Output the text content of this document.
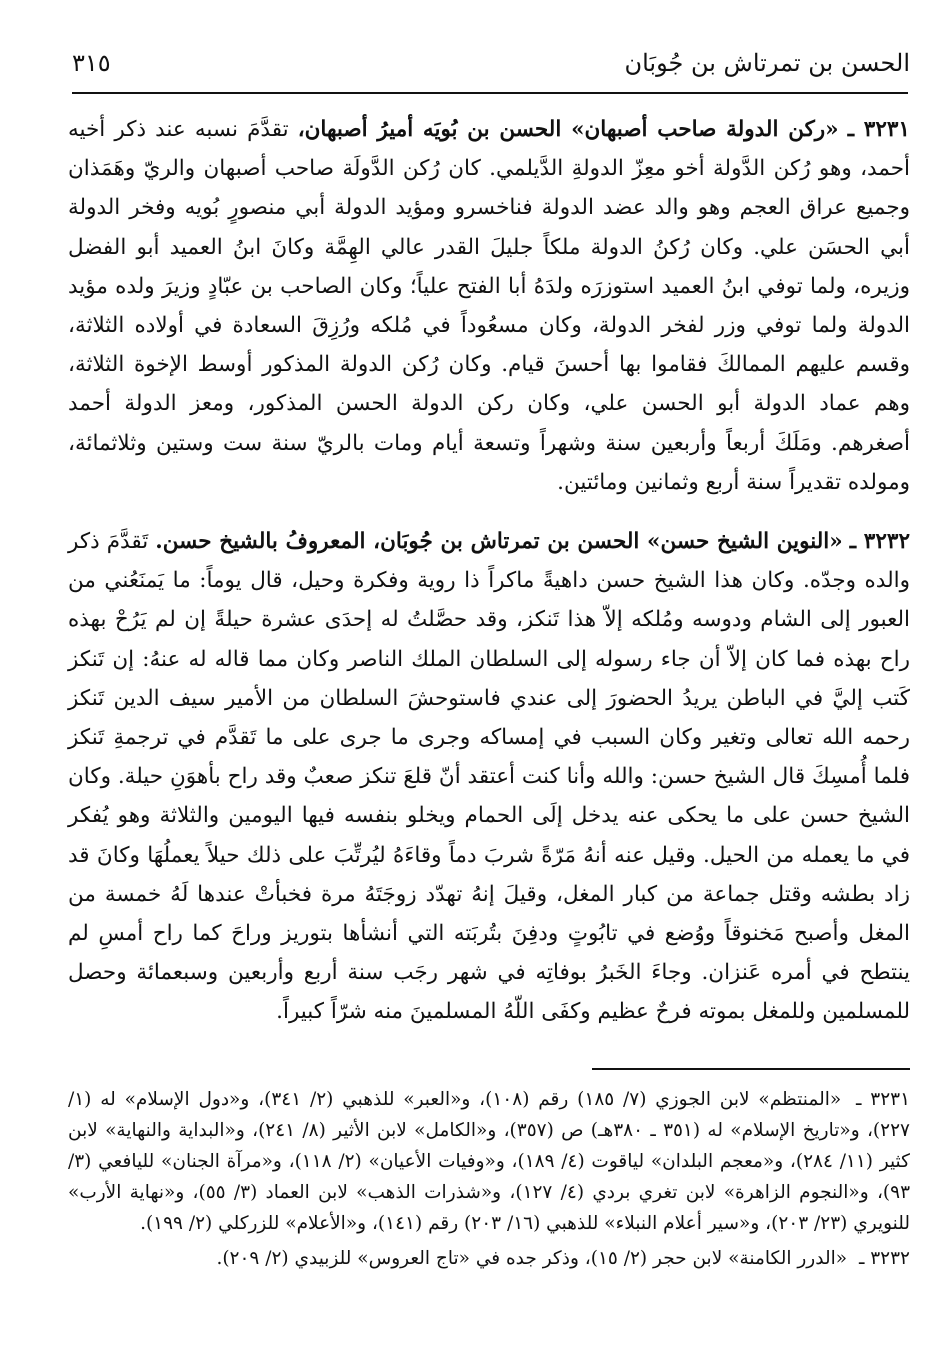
الحسن بن تمرتاش بن جُوبَان
٣١٥

٣٢٣١ ـ «ركن الدولة صاحب أصبهان» الحسن بن بُويَه أميرُ أصبهان، تقدَّمَ نسبه عند ذكر أخيه أحمد، وهو رُكن الدَّولة أخو معِزّ الدولةِ الدَّيلمي. كان رُكن الدَّولَة صاحب أصبهان والريّ وهَمَذان وجميع عراق العجم وهو والد عضد الدولة فناخسرو ومؤيد الدولة أبي منصورٍ بُويه وفخر الدولة أبي الحسَن علي. وكان رُكنُ الدولة ملكاً جليلَ القدر عالي الهِمَّة وكانَ ابنُ العميد أبو الفضل وزيره، ولما توفي ابنُ العميد استوزرَه ولدَهُ أبا الفتح علياً؛ وكان الصاحب بن عبّادٍ وزيرَ ولده مؤيد الدولة ولما توفي وزر لفخر الدولة، وكان مسعُوداً في مُلكه ورُزِقَ السعادة في أولاده الثلاثة، وقسم عليهم الممالكَ فقاموا بها أحسنَ قيام. وكان رُكن الدولة المذكور أوسط الإخوة الثلاثة، وهم عماد الدولة أبو الحسن علي، وكان ركن الدولة الحسن المذكور، ومعز الدولة أحمد أصغرهم. ومَلَكَ أربعاً وأربعين سنة وشهراً وتسعة أيام ومات بالريّ سنة ست وستين وثلاثمائة، ومولده تقديراً سنة أربع وثمانين ومائتين.

٣٢٣٢ ـ «النوين الشيخ حسن» الحسن بن تمرتاش بن جُوبَان، المعروفُ بالشيخ حسن. تَقدَّمَ ذكر والده وجدّه. وكان هذا الشيخ حسن داهيةً ماكراً ذا روية وفكرة وحيل، قال يوماً: ما يَمنَعُني من العبور إلى الشام ودوسه ومُلكه إلاّ هذا تَنكز، وقد حصَّلتُ له إحدَى عشرة حيلةً إن لم يَرُحْ بهذه راح بهذه فما كان إلاّ أن جاء رسوله إلى السلطان الملك الناصر وكان مما قاله له عنهُ: إن تَنكز كَتب إليَّ في الباطن يريدُ الحضورَ إلى عندي فاستوحشَ السلطان من الأمير سيف الدين تَنكز رحمه الله تعالى وتغير وكان السبب في إمساكه وجرى ما جرى على ما تَقدَّم في ترجمةِ تَنكز فلما أُمسِكَ قال الشيخ حسن: والله وأنا كنت أعتقد أنّ قلعَ تنكز صعبٌ وقد راح بأهوَنِ حيلة. وكان الشيخ حسن على ما يحكى عنه يدخل إلَى الحمام ويخلو بنفسه فيها اليومين والثلاثة وهو يُفكر في ما يعمله من الحيل. وقيل عنه أنهُ مَرّةً شربَ دماً وقاءَهُ ليُرتِّبَ على ذلك حيلاً يعملُهَا وكانَ قد زاد بطشه وقتل جماعة من كبار المغل، وقيلَ إنهُ تهدّد زوجَتَهُ مرة فخبأتْ عندها لَهُ خمسة من المغل وأصبح مَخنوقاً ووُضع في تابُوتٍ ودفِنَ بتُربَته التي أنشأها بتوريز وراحَ كما راح أمسِ لم ينتطح في أمره عَنزان. وجاءَ الخَبرُ بوفاتِه في شهر رجَب سنة أربع وأربعين وسبعمائة وحصل للمسلمين وللمغل بموته فرحٌ عظيم وكفَى اللّهُ المسلمينَ منه شرّاً كبيراً.

٣٢٣١ ـ «المنتظم» لابن الجوزي (٧/ ١٨٥) رقم (١٠٨)، و«العبر» للذهبي (٢/ ٣٤١)، و«دول الإسلام» له (١/ ٢٢٧)، و«تاريخ الإسلام» له (٣٥١ ـ ٣٨٠هـ) ص (٣٥٧)، و«الكامل» لابن الأثير (٨/ ٢٤١)، و«البداية والنهاية» لابن كثير (١١/ ٢٨٤)، و«معجم البلدان» لياقوت (٤/ ١٨٩)، و«وفيات الأعيان» (٢/ ١١٨)، و«مرآة الجنان» لليافعي (٣/ ٩٣)، و«النجوم الزاهرة» لابن تغري بردي (٤/ ١٢٧)، و«شذرات الذهب» لابن العماد (٣/ ٥٥)، و«نهاية الأرب» للنويري (٢٣/ ٢٠٣)، و«سير أعلام النبلاء» للذهبي (١٦/ ٢٠٣) رقم (١٤١)، و«الأعلام» للزركلي (٢/ ١٩٩).

٣٢٣٢ ـ «الدرر الكامنة» لابن حجر (٢/ ١٥)، وذكر جده في «تاج العروس» للزبيدي (٢/ ٢٠٩).
